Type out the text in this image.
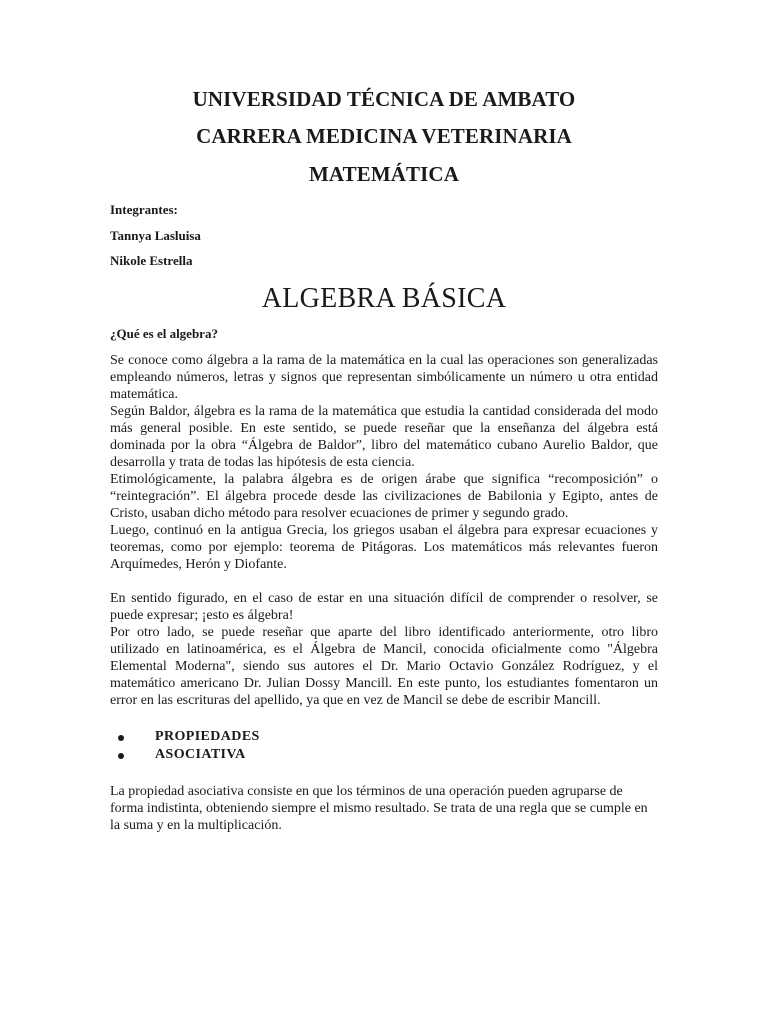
UNIVERSIDAD TÉCNICA DE AMBATO
CARRERA MEDICINA VETERINARIA
MATEMÁTICA

Integrantes:

Tannya Lasluisa

Nikole Estrella

ALGEBRA BÁSICA

¿Qué es el algebra?

Se conoce como álgebra a la rama de la matemática en la cual las operaciones son generalizadas empleando números, letras y signos que representan simbólicamente un número u otra entidad matemática.

Según Baldor, álgebra es la rama de la matemática que estudia la cantidad considerada del modo más general posible. En este sentido, se puede reseñar que la enseñanza del álgebra está dominada por la obra “Álgebra de Baldor”, libro del matemático cubano Aurelio Baldor, que desarrolla y trata de todas las hipótesis de esta ciencia.

Etimológicamente, la palabra álgebra es de origen árabe que significa “recomposición” o “reintegración”. El álgebra procede desde las civilizaciones de Babilonia y Egipto, antes de Cristo, usaban dicho método para resolver ecuaciones de primer y segundo grado.

Luego, continuó en la antigua Grecia, los griegos usaban el álgebra para expresar ecuaciones y teoremas, como por ejemplo: teorema de Pitágoras. Los matemáticos más relevantes fueron Arquímedes, Herón y Diofante.

En sentido figurado, en el caso de estar en una situación difícil de comprender o resolver, se puede expresar; ¡esto es álgebra!

Por otro lado, se puede reseñar que aparte del libro identificado anteriormente, otro libro utilizado en latinoamérica, es el Álgebra de Mancil, conocida oficialmente como "Álgebra Elemental Moderna", siendo sus autores el Dr. Mario Octavio González Rodríguez, y el matemático americano Dr. Julian Dossy Mancill. En este punto, los estudiantes fomentaron un error en las escrituras del apellido, ya que en vez de Mancil se debe de escribir Mancill.

PROPIEDADES
ASOCIATIVA

La propiedad asociativa consiste en que los términos de una operación pueden agruparse de forma indistinta, obteniendo siempre el mismo resultado. Se trata de una regla que se cumple en la suma y en la multiplicación.
